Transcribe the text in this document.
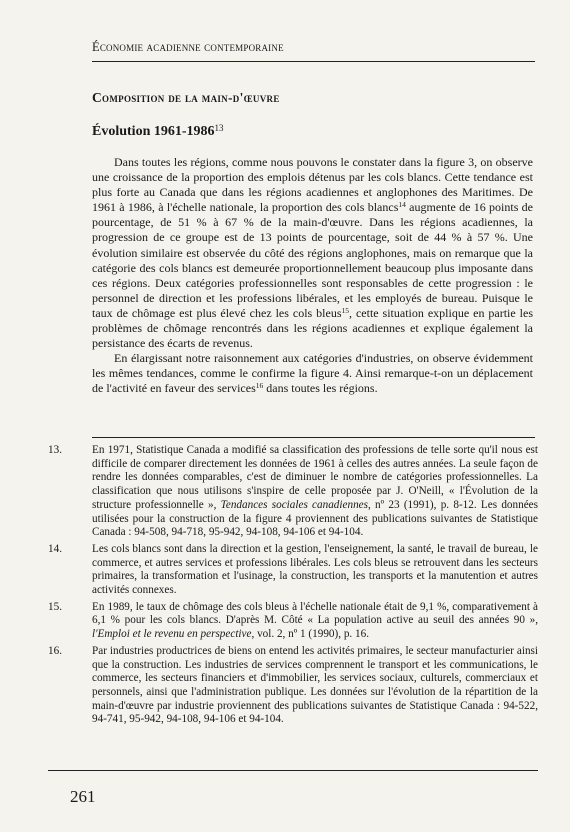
Économie acadienne contemporaine
Composition de la main-d'œuvre
Évolution 1961-1986$^{13}$

Dans toutes les régions, comme nous pouvons le constater dans la figure 3, on observe une croissance de la proportion des emplois détenus par les cols blancs. Cette tendance est plus forte au Canada que dans les régions acadiennes et anglophones des Maritimes. De 1961 à 1986, à l'échelle nationale, la proportion des cols blancs$^{14}$ augmente de 16 points de pourcentage, de 51 % à 67 % de la main-d'œuvre. Dans les régions acadiennes, la progression de ce groupe est de 13 points de pourcentage, soit de 44 % à 57 %. Une évolution similaire est observée du côté des régions anglophones, mais on remarque que la catégorie des cols blancs est demeurée proportionnellement beaucoup plus imposante dans ces régions. Deux catégories professionnelles sont responsables de cette progression : le personnel de direction et les professions libérales, et les employés de bureau. Puisque le taux de chômage est plus élevé chez les cols bleus$^{15}$, cette situation explique en partie les problèmes de chômage rencontrés dans les régions acadiennes et explique également la persistance des écarts de revenus.

En élargissant notre raisonnement aux catégories d'industries, on observe évidemment les mêmes tendances, comme le confirme la figure 4. Ainsi remarque-t-on un déplacement de l'activité en faveur des services$^{16}$ dans toutes les régions.

13.	En 1971, Statistique Canada a modifié sa classification des professions de telle sorte qu'il nous est difficile de comparer directement les données de 1961 à celles des autres années. La seule façon de rendre les données comparables, c'est de diminuer le nombre de catégories professionnelles. La classification que nous utilisons s'inspire de celle proposée par J. O'Neill, « l'Évolution de la structure professionnelle », Tendances sociales canadiennes, nº 23 (1991), p. 8-12. Les données utilisées pour la construction de la figure 4 proviennent des publications suivantes de Statistique Canada : 94-508, 94-718, 95-942, 94-108, 94-106 et 94-104.
14.	Les cols blancs sont dans la direction et la gestion, l'enseignement, la santé, le travail de bureau, le commerce, et autres services et professions libérales. Les cols bleus se retrouvent dans les secteurs primaires, la transformation et l'usinage, la construction, les transports et la manutention et autres activités connexes.
15.	En 1989, le taux de chômage des cols bleus à l'échelle nationale était de 9,1 %, comparativement à 6,1 % pour les cols blancs. D'après M. Côté « La population active au seuil des années 90 », l'Emploi et le revenu en perspective, vol. 2, nº 1 (1990), p. 16.
16.	Par industries productrices de biens on entend les activités primaires, le secteur manufacturier ainsi que la construction. Les industries de services comprennent le transport et les communications, le commerce, les secteurs financiers et d'immobilier, les services sociaux, culturels, commerciaux et personnels, ainsi que l'administration publique. Les données sur l'évolution de la répartition de la main-d'œuvre par industrie proviennent des publications suivantes de Statistique Canada : 94-522, 94-741, 95-942, 94-108, 94-106 et 94-104.
261
